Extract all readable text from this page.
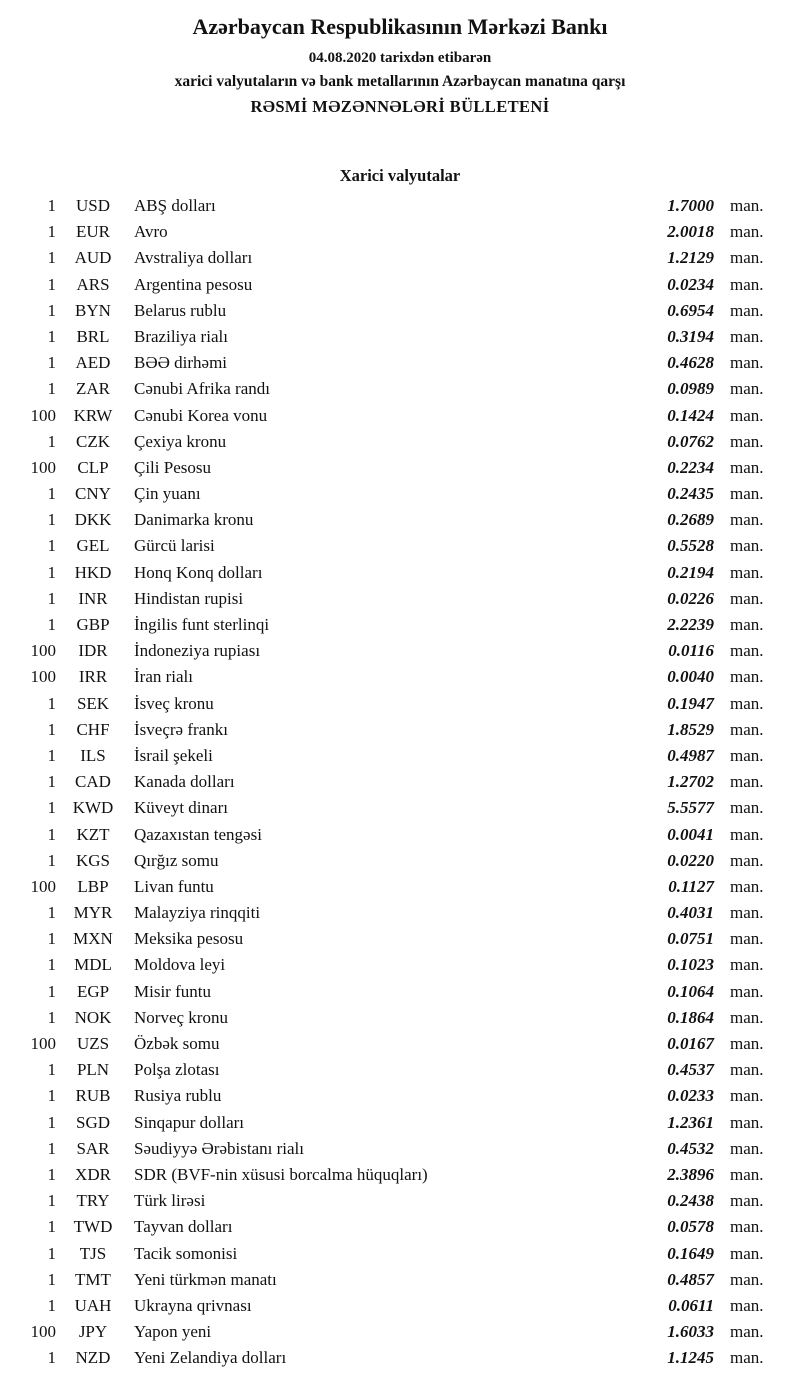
Azərbaycan Respublikasının Mərkəzi Bankı
04.08.2020 tarixdən etibarən
xarici valyutaların və bank metallarının Azərbaycan manatına qarşı
RƏSMİ MƏZƏNNƏLƏRİ BÜLLETENİ
Xarici valyutalar
1	USD	ABŞ dolları	1.7000 man.
1	EUR	Avro	2.0018 man.
1	AUD	Avstraliya dolları	1.2129 man.
1	ARS	Argentina pesosu	0.0234 man.
1	BYN	Belarus rublu	0.6954 man.
1	BRL	Braziliya rialı	0.3194 man.
1	AED	BƏƏ dirhəmi	0.4628 man.
1	ZAR	Cənubi Afrika randı	0.0989 man.
100	KRW	Cənubi Korea vonu	0.1424 man.
1	CZK	Çexiya kronu	0.0762 man.
100	CLP	Çili Pesosu	0.2234 man.
1	CNY	Çin yuanı	0.2435 man.
1	DKK	Danimarka kronu	0.2689 man.
1	GEL	Gürcü larisi	0.5528 man.
1	HKD	Honq Konq dolları	0.2194 man.
1	INR	Hindistan rupisi	0.0226 man.
1	GBP	İngilis funt sterlinqi	2.2239 man.
100	IDR	İndoneziya rupiası	0.0116 man.
100	IRR	İran rialı	0.0040 man.
1	SEK	İsveç kronu	0.1947 man.
1	CHF	İsveçrə frankı	1.8529 man.
1	ILS	İsrail şekeli	0.4987 man.
1	CAD	Kanada dolları	1.2702 man.
1 KWD	Küveyt dinarı	5.5577 man.
1	KZT	Qazaxıstan tengəsi	0.0041 man.
1	KGS	Qırğız somu	0.0220 man.
100	LBP	Livan funtu	0.1127 man.
1	MYR	Malayziya rinqqiti	0.4031 man.
1	MXN	Meksika pesosu	0.0751 man.
1	MDL	Moldova leyi	0.1023 man.
1	EGP	Misir funtu	0.1064 man.
1	NOK	Norveç kronu	0.1864 man.
100	UZS	Özbək somu	0.0167 man.
1	PLN	Polşa zlotası	0.4537 man.
1	RUB	Rusiya rublu	0.0233 man.
1	SGD	Sinqapur dolları	1.2361 man.
1	SAR	Səudiyyə Ərəbistanı rialı	0.4532 man.
1	XDR	SDR (BVF-nin xüsusi borcalma hüquqları)	2.3896 man.
1	TRY	Türk lirəsi	0.2438 man.
1	TWD	Tayvan dolları	0.0578 man.
1	TJS	Tacik somonisi	0.1649 man.
1	TMT	Yeni türkmən manatı	0.4857 man.
1	UAH	Ukrayna qrivnası	0.0611 man.
100	JPY	Yapon yeni	1.6033 man.
1	NZD	Yeni Zelandiya dolları	1.1245 man.
